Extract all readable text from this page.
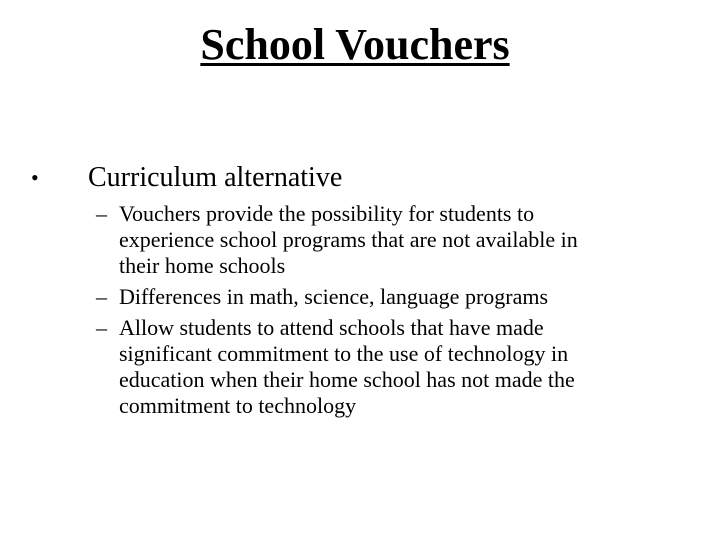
School Vouchers
• Curriculum alternative
– Vouchers provide the possibility for students to
experience school programs that are not available in
their home schools
– Differences in math, science, language programs
– Allow students to attend schools that have made
significant commitment to the use of technology in
education when their home school has not made the
commitment to technology
